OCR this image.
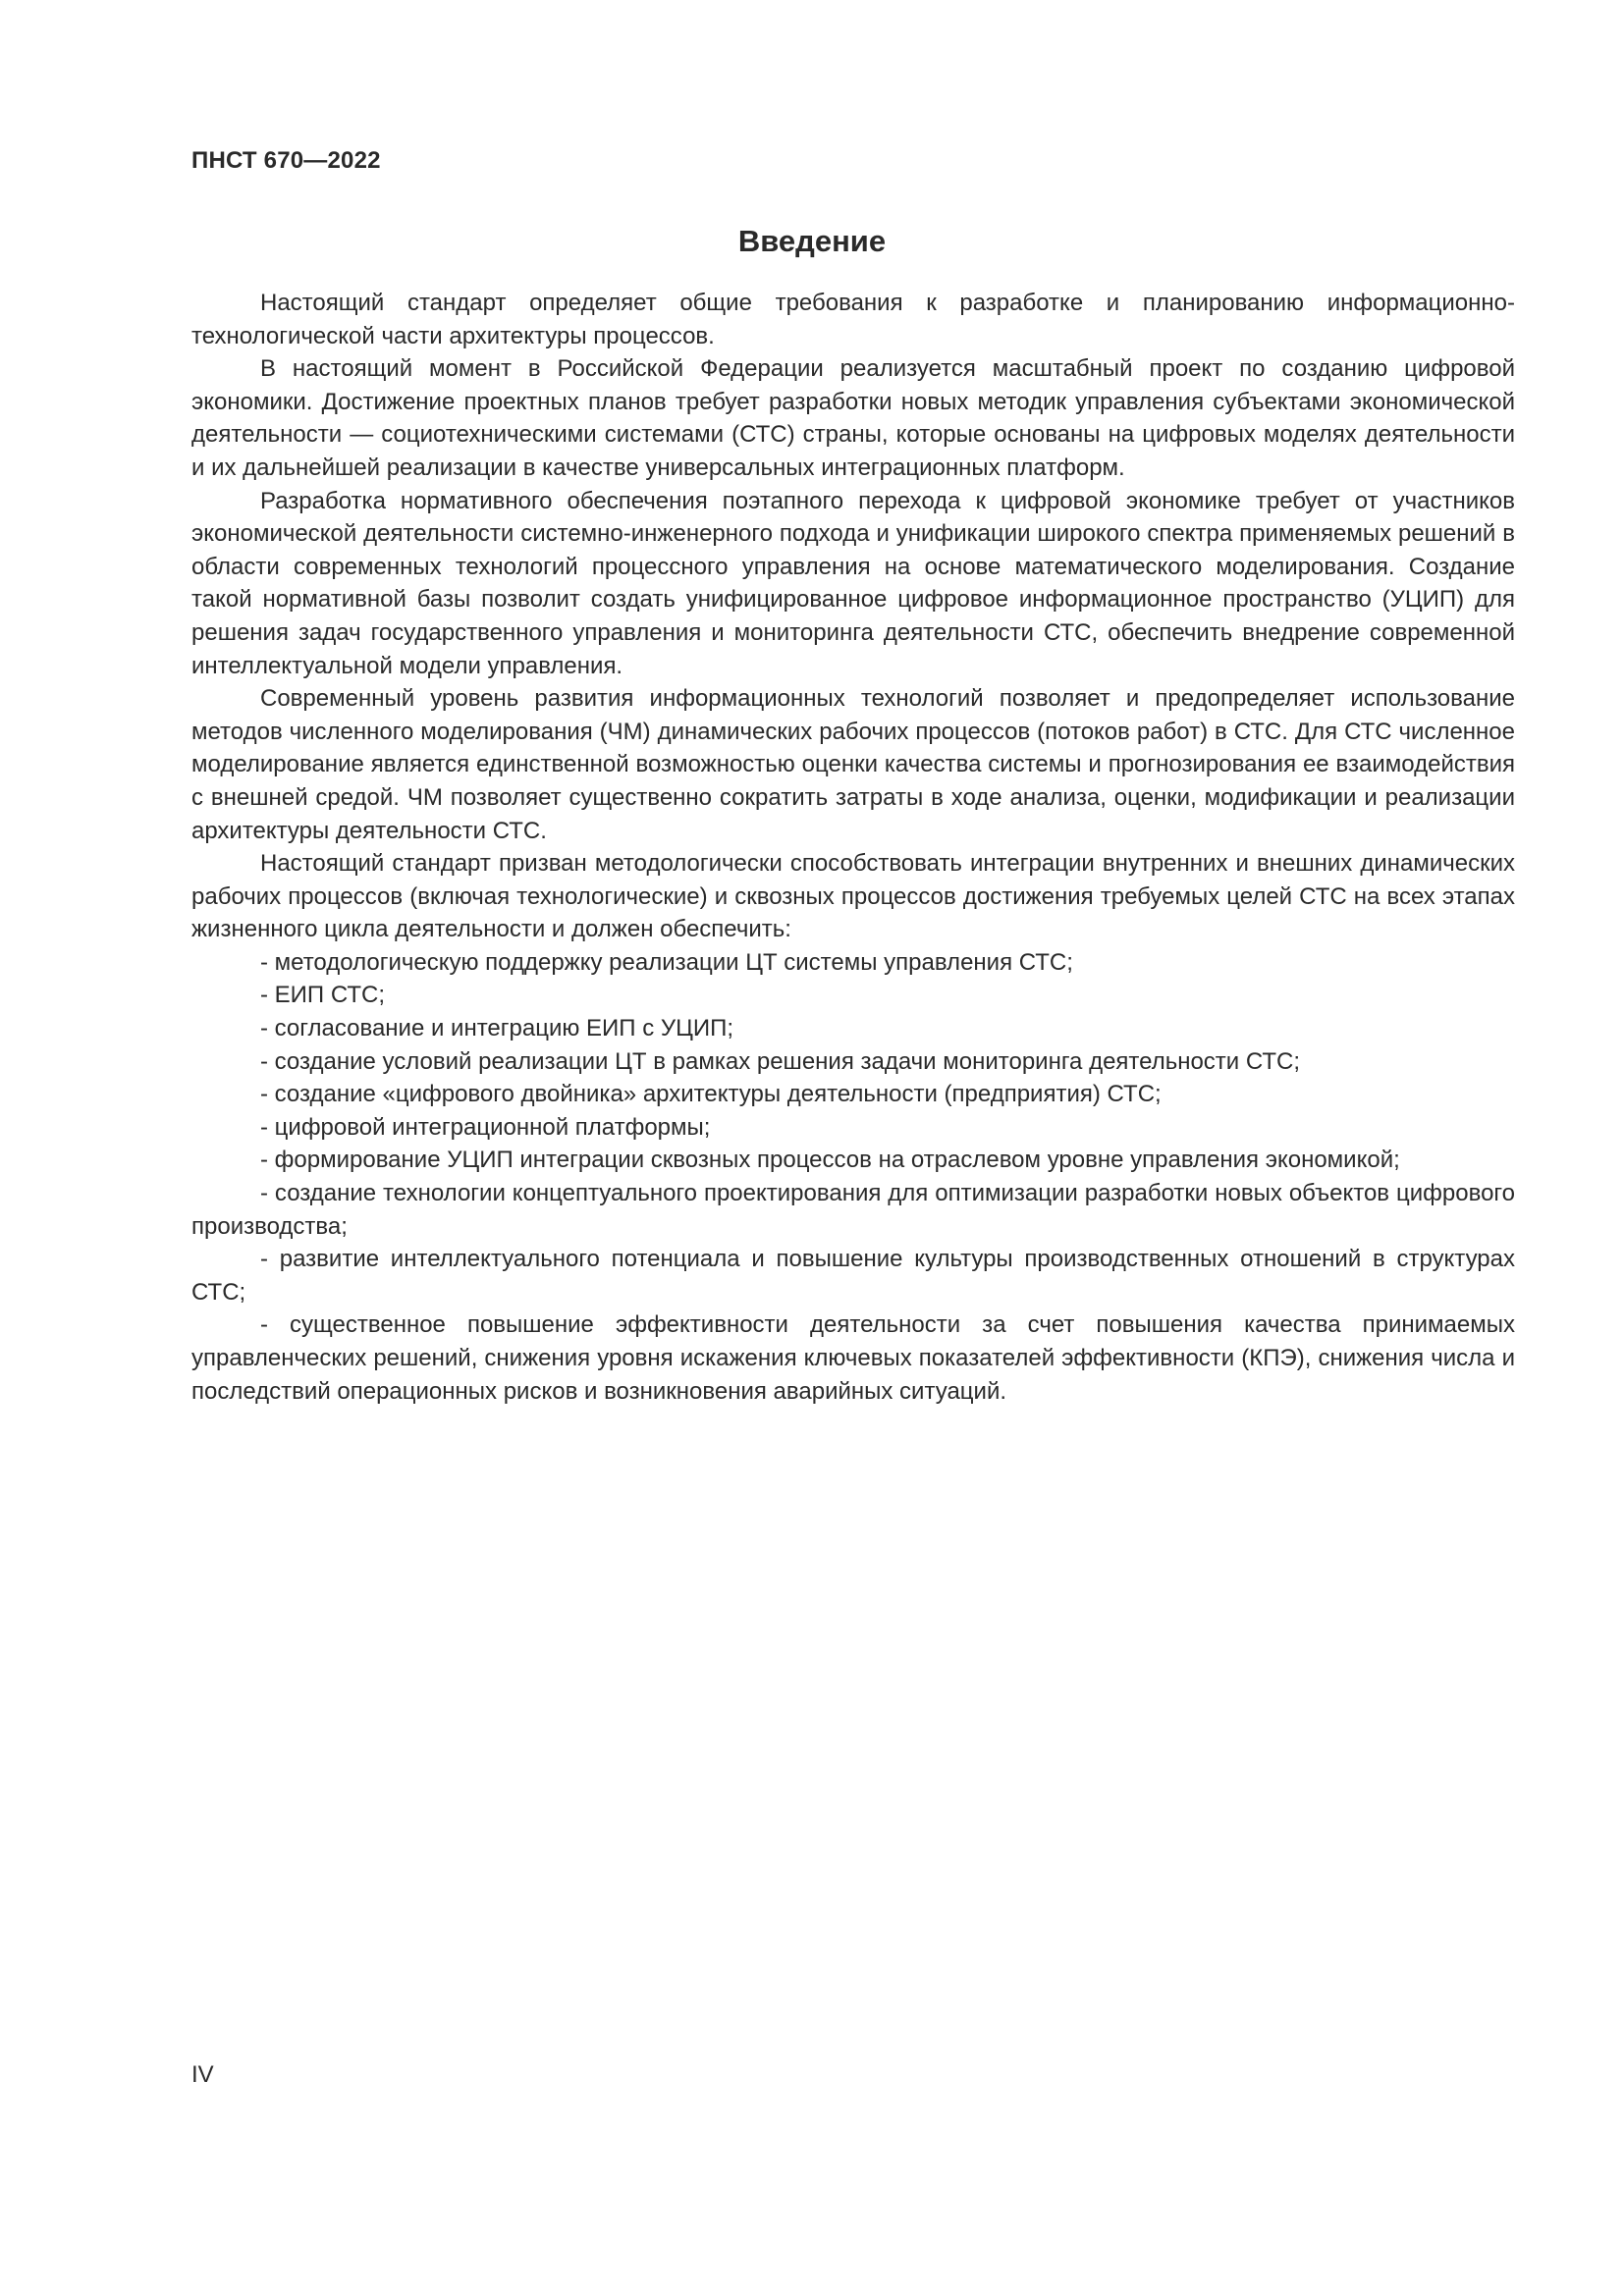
ПНСТ 670—2022
Введение

Настоящий стандарт определяет общие требования к разработке и планированию информационно-технологической части архитектуры процессов.

В настоящий момент в Российской Федерации реализуется масштабный проект по созданию цифровой экономики. Достижение проектных планов требует разработки новых методик управления субъектами экономической деятельности — социотехническими системами (СТС) страны, которые основаны на цифровых моделях деятельности и их дальнейшей реализации в качестве универсальных интеграционных платформ.

Разработка нормативного обеспечения поэтапного перехода к цифровой экономике требует от участников экономической деятельности системно-инженерного подхода и унификации широкого спектра применяемых решений в области современных технологий процессного управления на основе математического моделирования. Создание такой нормативной базы позволит создать унифицированное цифровое информационное пространство (УЦИП) для решения задач государственного управления и мониторинга деятельности СТС, обеспечить внедрение современной интеллектуальной модели управления.

Современный уровень развития информационных технологий позволяет и предопределяет использование методов численного моделирования (ЧМ) динамических рабочих процессов (потоков работ) в СТС. Для СТС численное моделирование является единственной возможностью оценки качества системы и прогнозирования ее взаимодействия с внешней средой. ЧМ позволяет существенно сократить затраты в ходе анализа, оценки, модификации и реализации архитектуры деятельности СТС.

Настоящий стандарт призван методологически способствовать интеграции внутренних и внешних динамических рабочих процессов (включая технологические) и сквозных процессов достижения требуемых целей СТС на всех этапах жизненного цикла деятельности и должен обеспечить:

- методологическую поддержку реализации ЦТ системы управления СТС;
- ЕИП СТС;
- согласование и интеграцию ЕИП с УЦИП;
- создание условий реализации ЦТ в рамках решения задачи мониторинга деятельности СТС;
- создание «цифрового двойника» архитектуры деятельности (предприятия) СТС;
- цифровой интеграционной платформы;
- формирование УЦИП интеграции сквозных процессов на отраслевом уровне управления экономикой;
- создание технологии концептуального проектирования для оптимизации разработки новых объектов цифрового производства;
- развитие интеллектуального потенциала и повышение культуры производственных отношений в структурах СТС;
- существенное повышение эффективности деятельности за счет повышения качества принимаемых управленческих решений, снижения уровня искажения ключевых показателей эффективности (КПЭ), снижения числа и последствий операционных рисков и возникновения аварийных ситуаций.
IV
